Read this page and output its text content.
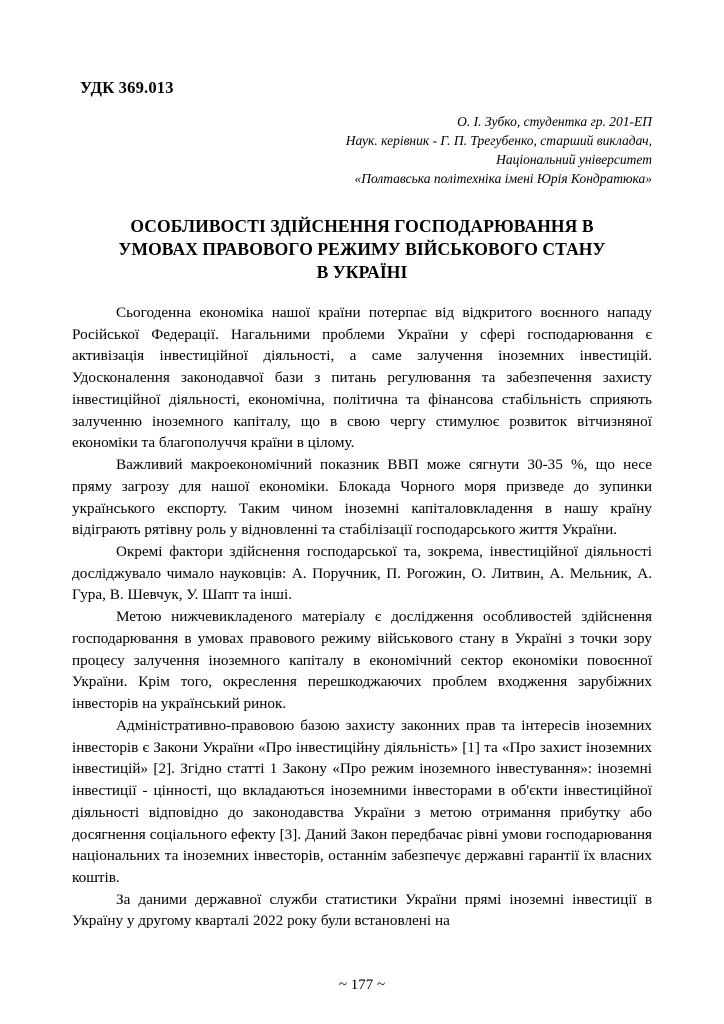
УДК 369.013
О. І. Зубко, студентка гр. 201-ЕП
Наук. керівник - Г. П. Трегубенко, старший викладач,
Національний університет
«Полтавська політехніка імені Юрія Кондратюка»
ОСОБЛИВОСТІ ЗДІЙСНЕННЯ ГОСПОДАРЮВАННЯ В
УМОВАХ ПРАВОВОГО РЕЖИМУ ВІЙСЬКОВОГО СТАНУ
В УКРАЇНІ

Сьогоденна економіка нашої країни потерпає від відкритого воєнного нападу Російської Федерації. Нагальними проблеми України у сфері господарювання є активізація інвестиційної діяльності, а саме залучення іноземних інвестицій. Удосконалення законодавчої бази з питань регулювання та забезпечення захисту інвестиційної діяльності, економічна, політична та фінансова стабільність сприяють залученню іноземного капіталу, що в свою чергу стимулює розвиток вітчизняної економіки та благополуччя країни в цілому.

Важливий макроекономічний показник ВВП може сягнути 30-35 %, що несе пряму загрозу для нашої економіки. Блокада Чорного моря призведе до зупинки українського експорту. Таким чином іноземні капіталовкладення в нашу країну відіграють рятівну роль у відновленні та стабілізації господарського життя України.

Окремі фактори здійснення господарської та, зокрема, інвестиційної діяльності досліджувало чимало науковців: А. Поручник, П. Рогожин, О. Литвин, А. Мельник, А. Гура, В. Шевчук, У. Шапт та інші.

Метою нижчевикладеного матеріалу є дослідження особливостей здійснення господарювання в умовах правового режиму військового стану в Україні з точки зору процесу залучення іноземного капіталу в економічний сектор економіки повоєнної України. Крім того, окреслення перешкоджаючих проблем входження зарубіжних інвесторів на український ринок.

Адміністративно-правовою базою захисту законних прав та інтересів іноземних інвесторів є Закони України «Про інвестиційну діяльність» [1] та «Про захист іноземних інвестицій» [2]. Згідно статті 1 Закону «Про режим іноземного інвестування»: іноземні інвестиції - цінності, що вкладаються іноземними інвесторами в об'єкти інвестиційної діяльності відповідно до законодавства України з метою отримання прибутку або досягнення соціального ефекту [3]. Даний Закон передбачає рівні умови господарювання національних та іноземних інвесторів, останнім забезпечує державні гарантії їх власних коштів.

За даними державної служби статистики України прямі іноземні інвестиції в Україну у другому кварталі 2022 року були встановлені на

~ 177 ~
